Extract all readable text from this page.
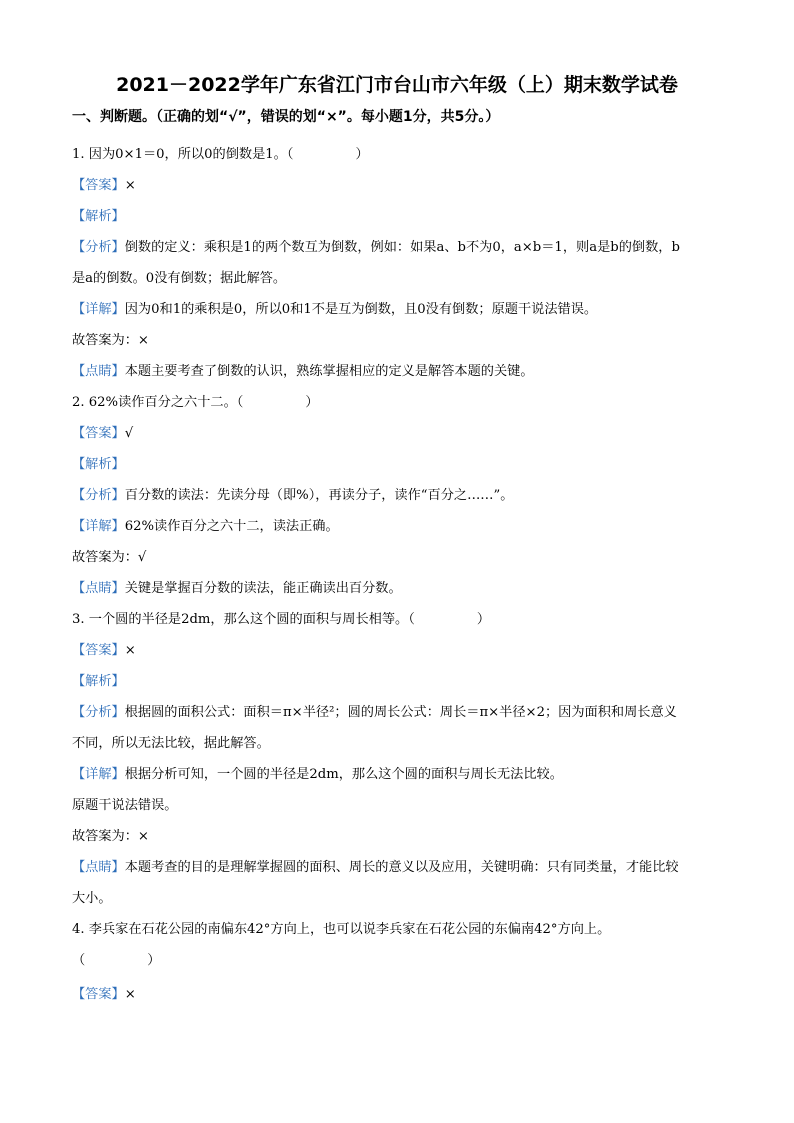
2021－2022学年广东省江门市台山市六年级（上）期末数学试卷
一、判断题。（正确的划“√”，错误的划“×”。每小题1分，共5分。）
1. 因为0×1＝0，所以0的倒数是1。（	）
【答案】×
【解析】
【分析】倒数的定义：乘积是1的两个数互为倒数，例如：如果a、b不为0，a×b＝1，则a是b的倒数，b
是a的倒数。0没有倒数；据此解答。
【详解】因为0和1的乘积是0，所以0和1不是互为倒数，且0没有倒数；原题干说法错误。
故答案为：×
【点睛】本题主要考查了倒数的认识，熟练掌握相应的定义是解答本题的关键。
2. 62%读作百分之六十二。（	）
【答案】√
【解析】
【分析】百分数的读法：先读分母（即%），再读分子，读作“百分之……”。
【详解】62%读作百分之六十二，读法正确。
故答案为：√
【点睛】关键是掌握百分数的读法，能正确读出百分数。
3. 一个圆的半径是2dm，那么这个圆的面积与周长相等。（	）
【答案】×
【解析】
【分析】根据圆的面积公式：面积＝π×半径²；圆的周长公式：周长＝π×半径×2；因为面积和周长意义
不同，所以无法比较，据此解答。
【详解】根据分析可知，一个圆的半径是2dm，那么这个圆的面积与周长无法比较。
原题干说法错误。
故答案为：×
【点睛】本题考查的目的是理解掌握圆的面积、周长的意义以及应用，关键明确：只有同类量，才能比较
大小。
4. 李兵家在石花公园的南偏东42°方向上，也可以说李兵家在石花公园的东偏南42°方向上。
（	）
【答案】×
